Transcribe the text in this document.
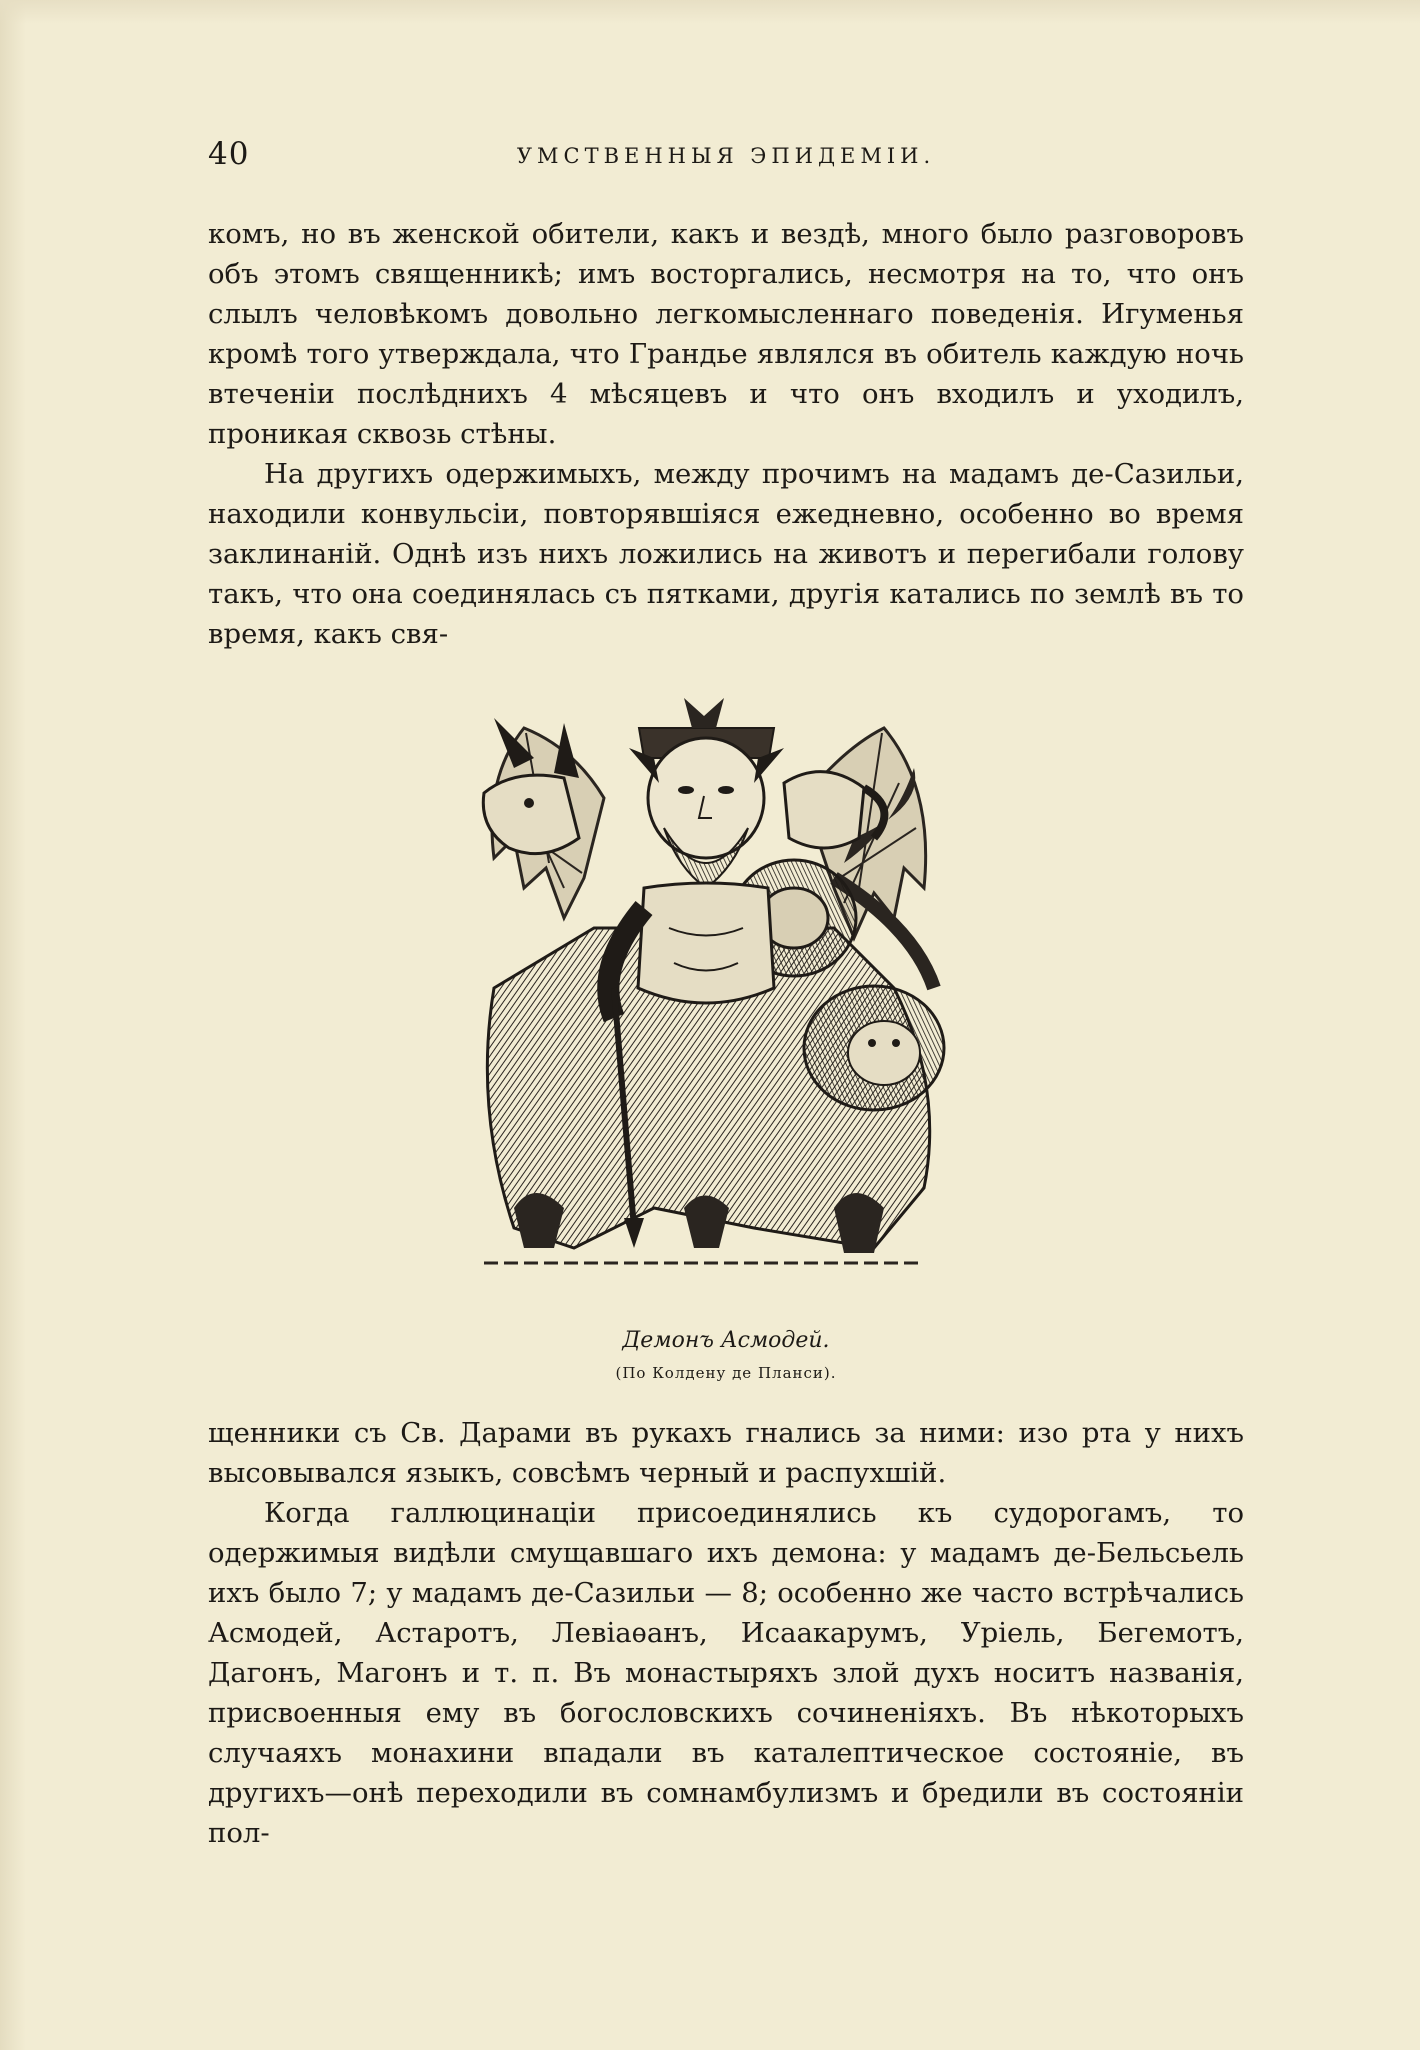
40	УМСТВЕННЫЯ ЭПИДЕМІИ.

комъ, но въ женской обители, какъ и вездѣ, много было разговоровъ объ этомъ священникѣ; имъ восторгались, несмотря на то, что онъ слылъ человѣкомъ довольно легкомысленнаго поведенія. Игуменья кромѣ того утверждала, что Грандье являлся въ обитель каждую ночь втеченіи послѣднихъ 4 мѣсяцевъ и что онъ входилъ и уходилъ, проникая сквозь стѣны.

На другихъ одержимыхъ, между прочимъ на мадамъ де-Сазильи, находили конвульсіи, повторявшіяся ежедневно, особенно во время заклинаній. Однѣ изъ нихъ ложились на животъ и перегибали голову такъ, что она соединялась съ пятками, другія катались по землѣ въ то время, какъ свя-

Демонъ Асмодей.
(По Колдену де Планси).

щенники съ Св. Дарами въ рукахъ гнались за ними: изо рта у нихъ высовывался языкъ, совсѣмъ черный и распухшій.

Когда галлюцинаціи присоединялись къ судорогамъ, то одержимыя видѣли смущавшаго ихъ демона: у мадамъ де-Бельсьель ихъ было 7; у мадамъ де-Сазильи — 8; особенно же часто встрѣчались Асмодей, Астаротъ, Левіаѳанъ, Исаакарумъ, Уріель, Бегемотъ, Дагонъ, Магонъ и т. п. Въ монастыряхъ злой духъ носитъ названія, присвоенныя ему въ богословскихъ сочиненіяхъ. Въ нѣкоторыхъ случаяхъ монахини впадали въ каталептическое состояніе, въ другихъ—онѣ переходили въ сомнамбулизмъ и бредили въ состояніи пол-
